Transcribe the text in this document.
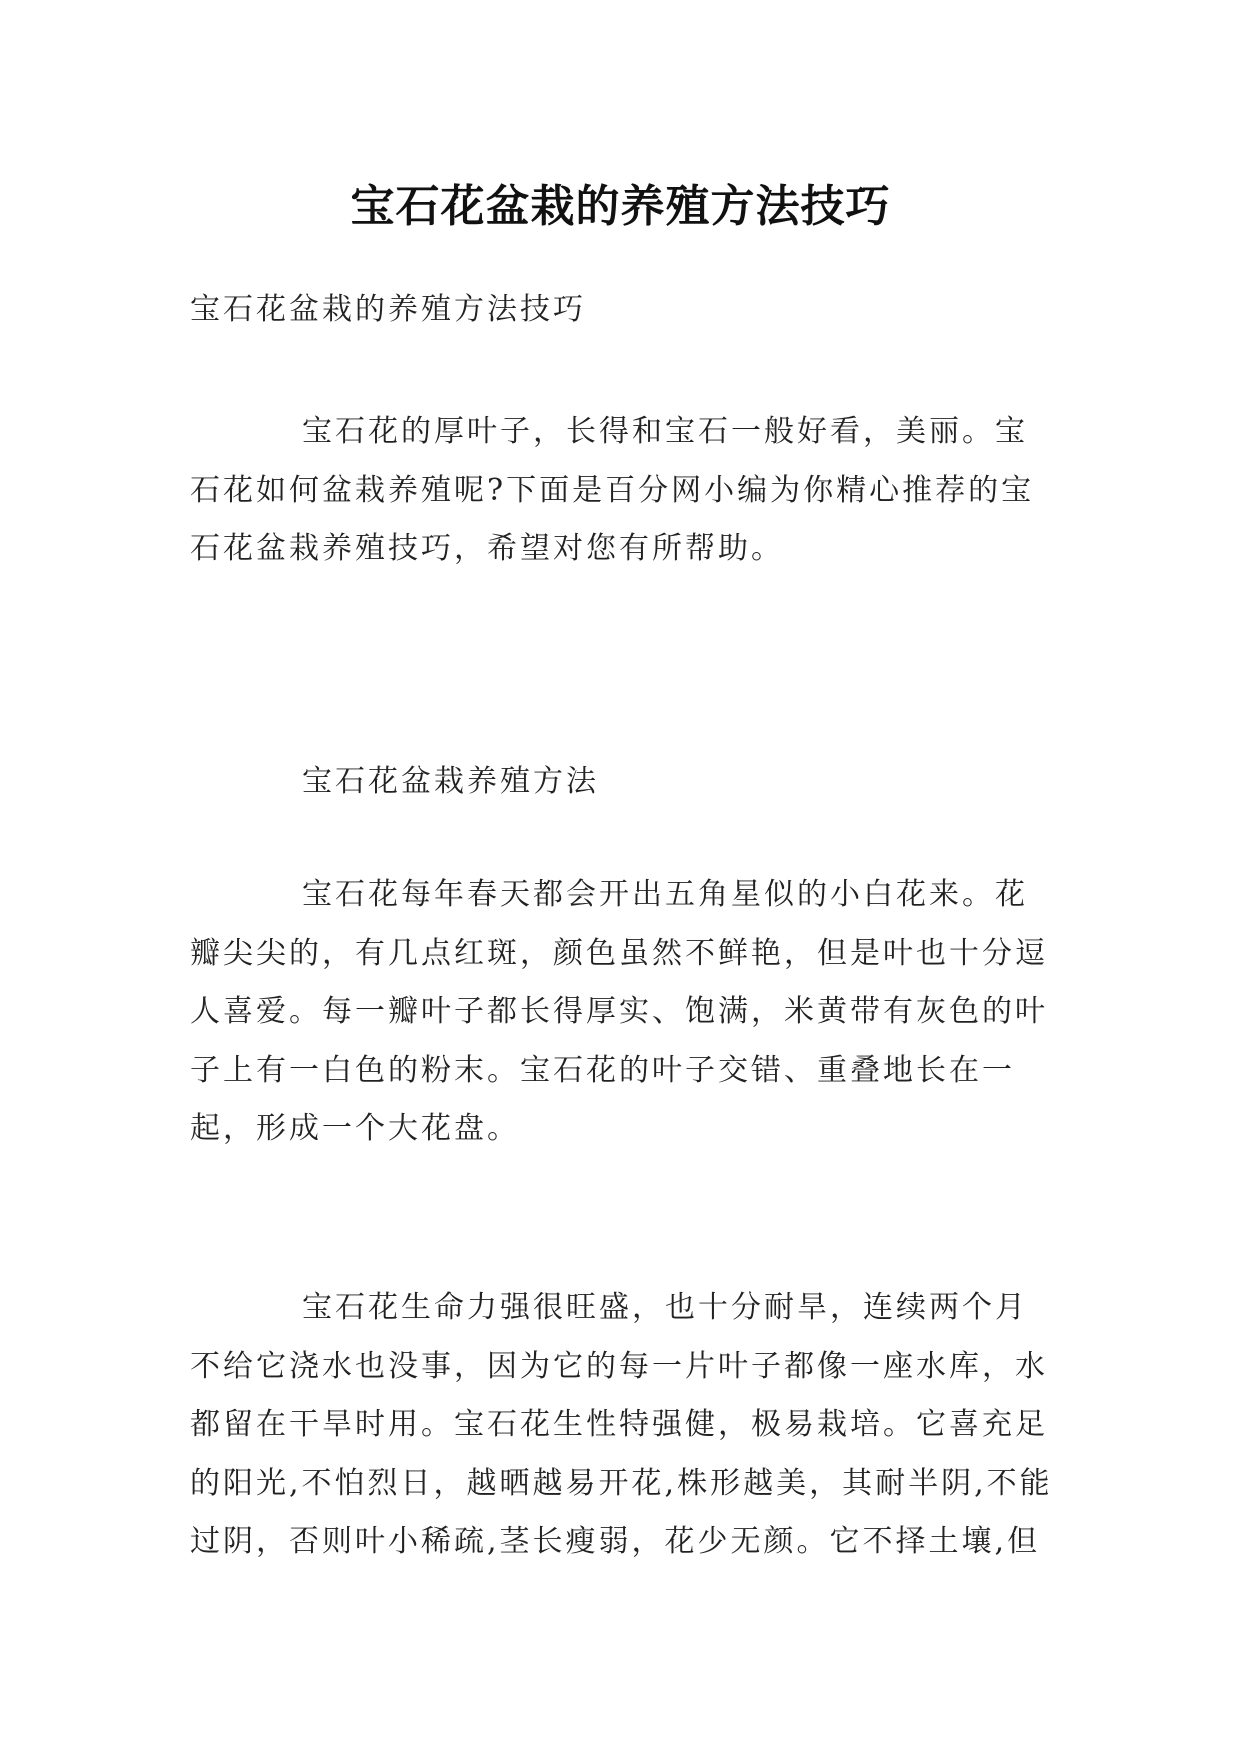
宝石花盆栽的养殖方法技巧

宝石花盆栽的养殖方法技巧

宝石花的厚叶子，长得和宝石一般好看，美丽。宝石花如何盆栽养殖呢?下面是百分网小编为你精心推荐的宝石花盆栽养殖技巧，希望对您有所帮助。

宝石花盆栽养殖方法

宝石花每年春天都会开出五角星似的小白花来。花瓣尖尖的，有几点红斑，颜色虽然不鲜艳，但是叶也十分逗人喜爱。每一瓣叶子都长得厚实、饱满，米黄带有灰色的叶子上有一白色的粉末。宝石花的叶子交错、重叠地长在一起，形成一个大花盘。

宝石花生命力强很旺盛，也十分耐旱，连续两个月不给它浇水也没事，因为它的每一片叶子都像一座水库，水都留在干旱时用。宝石花生性特强健，极易栽培。它喜充足的阳光,不怕烈日，越晒越易开花,株形越美，其耐半阴,不能过阴，否则叶小稀疏,茎长瘦弱，花少无颜。它不择土壤,但
